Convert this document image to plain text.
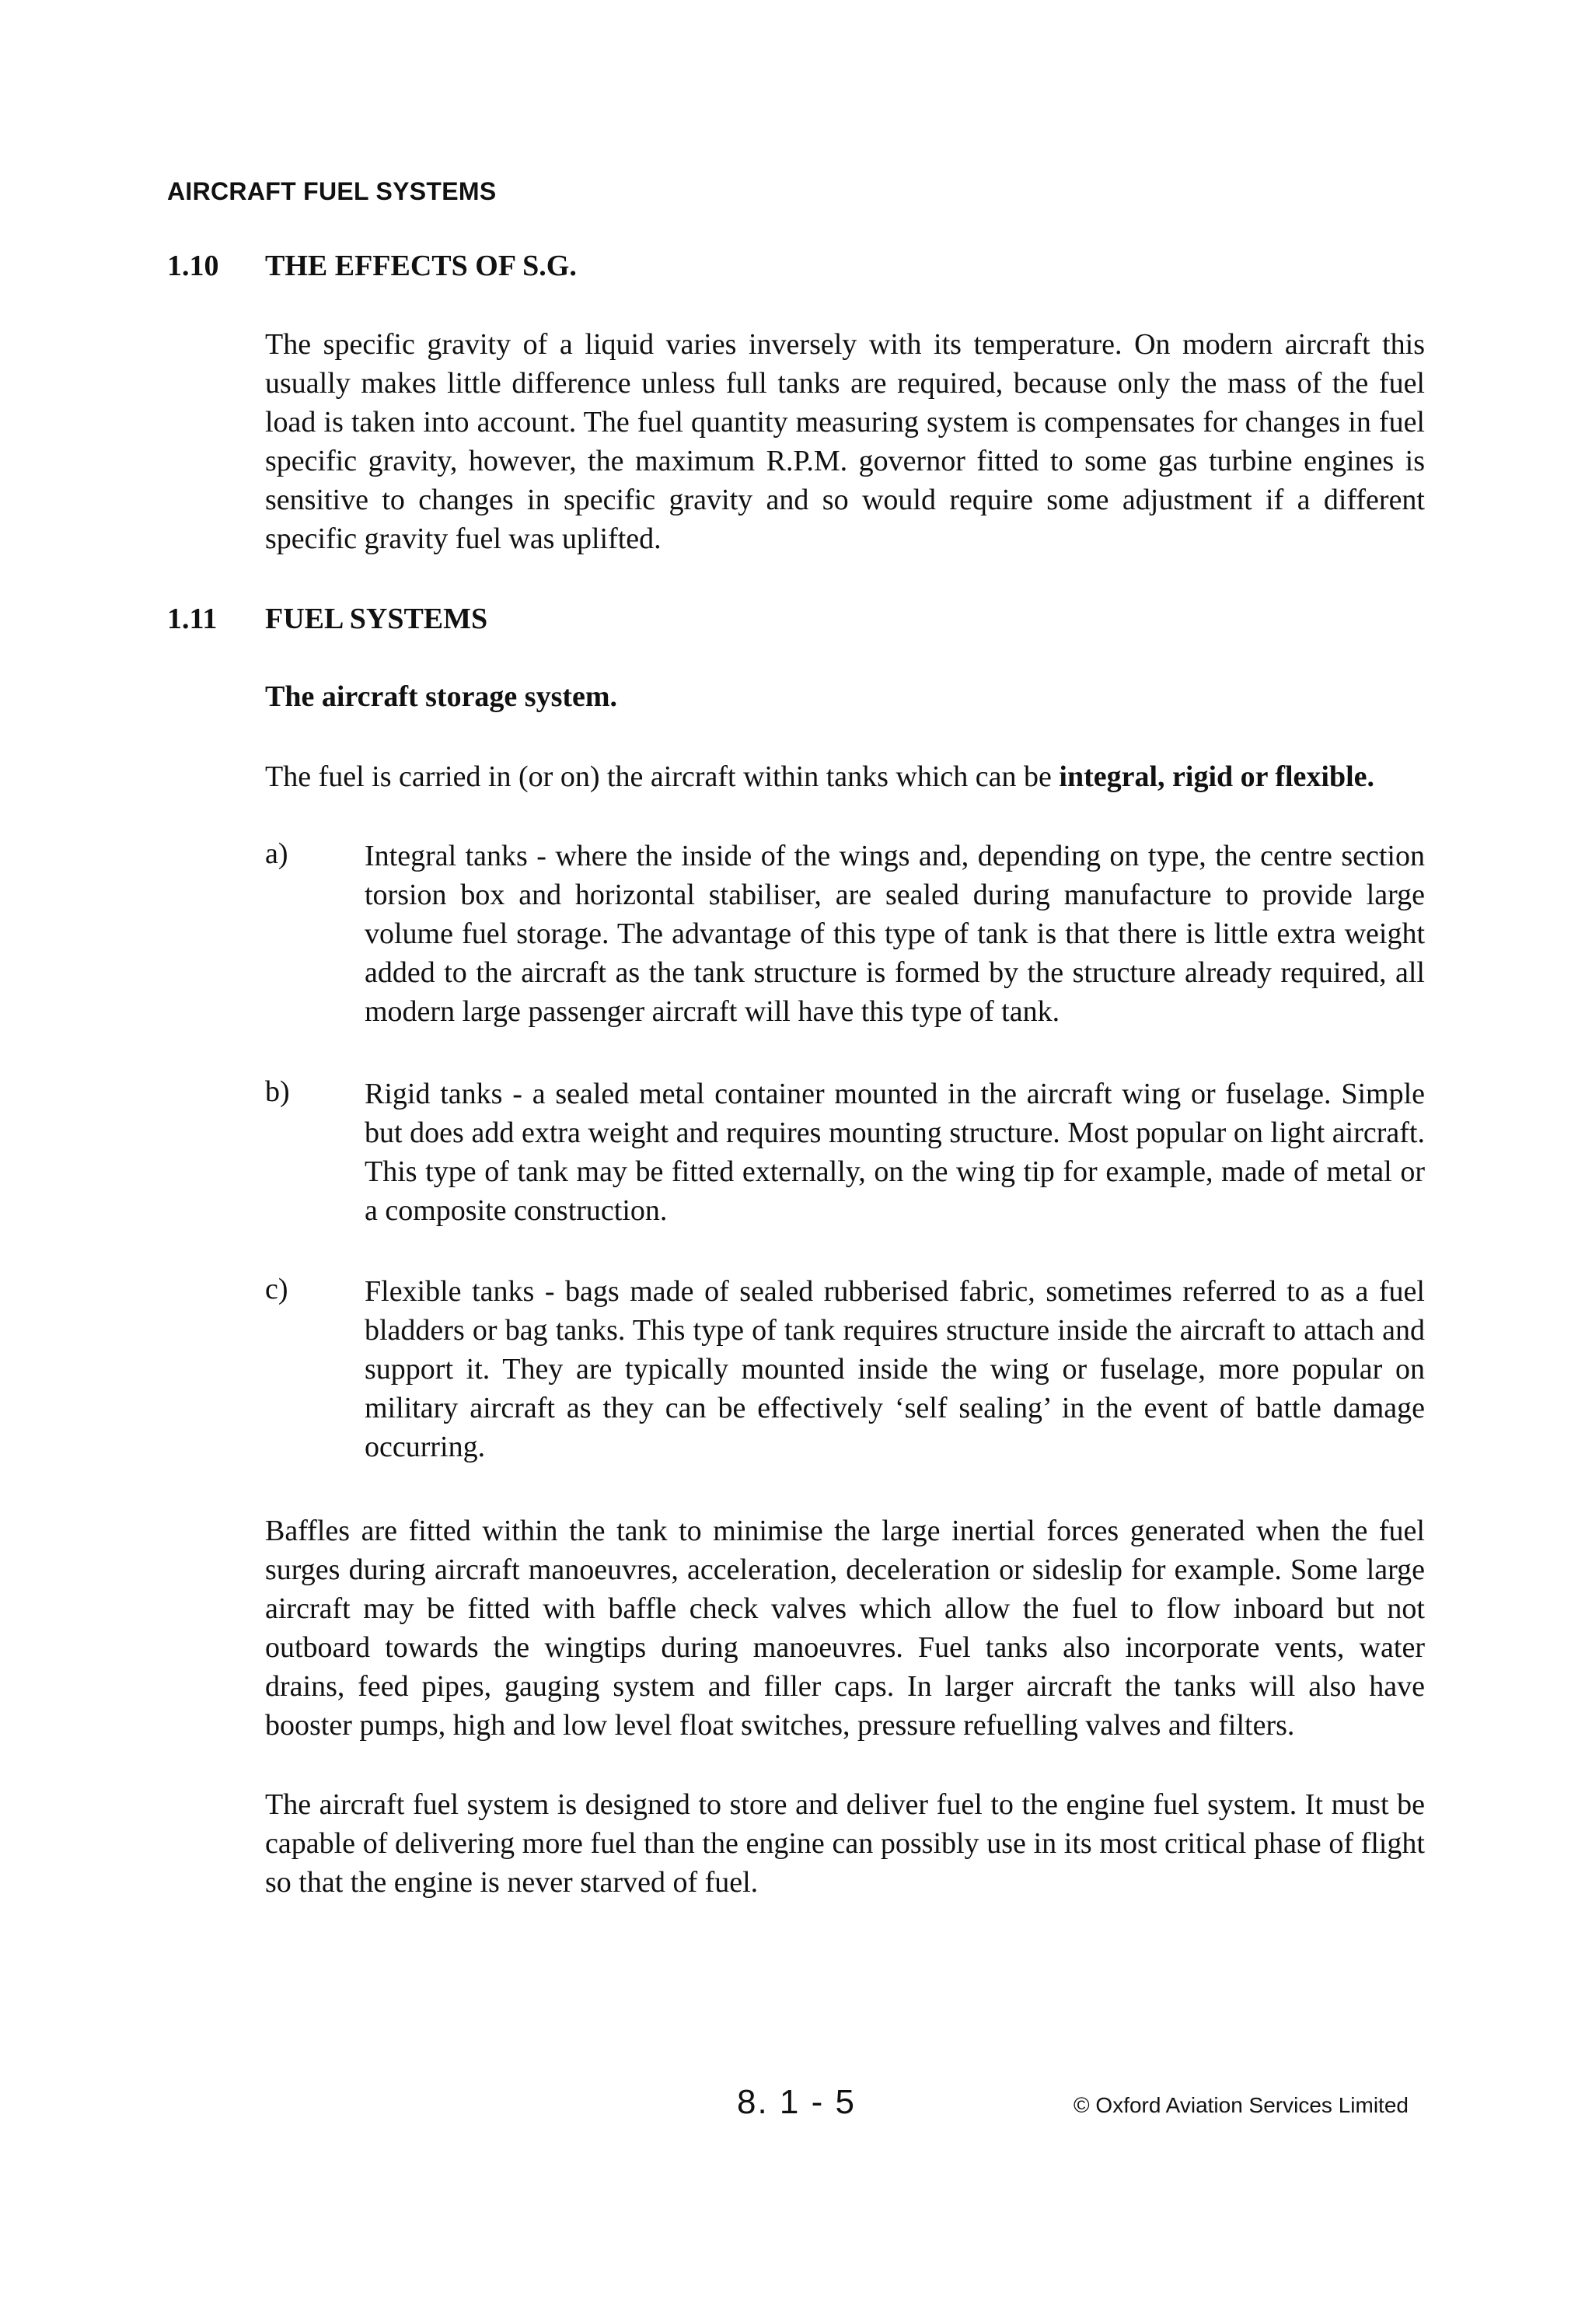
AIRCRAFT FUEL SYSTEMS
1.10 THE EFFECTS OF S.G.

The specific gravity of a liquid varies inversely with its temperature. On modern aircraft this usually makes little difference unless full tanks are required, because only the mass of the fuel load is taken into account. The fuel quantity measuring system is compensates for changes in fuel specific gravity, however, the maximum R.P.M. governor fitted to some gas turbine engines is sensitive to changes in specific gravity and so would require some adjustment if a different specific gravity fuel was uplifted.

1.11 FUEL SYSTEMS
The aircraft storage system.

The fuel is carried in (or on) the aircraft within tanks which can be integral, rigid or flexible.

a)	Integral tanks - where the inside of the wings and, depending on type, the centre section torsion box and horizontal stabiliser, are sealed during manufacture to provide large volume fuel storage. The advantage of this type of tank is that there is little extra weight added to the aircraft as the tank structure is formed by the structure already required, all modern large passenger aircraft will have this type of tank.

b)	Rigid tanks - a sealed metal container mounted in the aircraft wing or fuselage. Simple but does add extra weight and requires mounting structure. Most popular on light aircraft. This type of tank may be fitted externally, on the wing tip for example, made of metal or a composite construction.

c)	Flexible tanks - bags made of sealed rubberised fabric, sometimes referred to as a fuel bladders or bag tanks. This type of tank requires structure inside the aircraft to attach and support it. They are typically mounted inside the wing or fuselage, more popular on military aircraft as they can be effectively ‘self sealing’ in the event of battle damage occurring.

Baffles are fitted within the tank to minimise the large inertial forces generated when the fuel surges during aircraft manoeuvres, acceleration, deceleration or sideslip for example. Some large aircraft may be fitted with baffle check valves which allow the fuel to flow inboard but not outboard towards the wingtips during manoeuvres. Fuel tanks also incorporate vents, water drains, feed pipes, gauging system and filler caps. In larger aircraft the tanks will also have booster pumps, high and low level float switches, pressure refuelling valves and filters.

The aircraft fuel system is designed to store and deliver fuel to the engine fuel system. It must be capable of delivering more fuel than the engine can possibly use in its most critical phase of flight so that the engine is never starved of fuel.

8. 1 - 5	© Oxford Aviation Services Limited
